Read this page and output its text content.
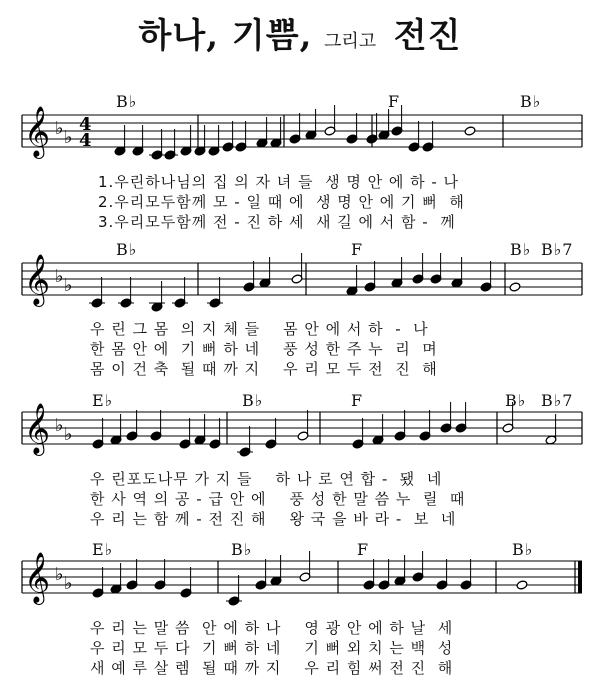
하나, 기쁨, 그리고 전진
𝄞 ♭ ♭
4
4
𝄞 ♭ ♭
𝄞 ♭ ♭
𝄞 ♭ ♭
B♭	F	B♭
B♭	F	B♭ B♭7
E♭	B♭	F	B♭ B♭7
E♭	B♭	F	B♭
1.우린하나님의 집 의 자 녀 들  생 명 안 에 하 - 나
2.우리모두함께 모 - 일 때 에  생 명 안 에 기 뻐  해
3.우리모두함께 전 - 진 하 세  새 길 에 서 함 -  께
우 린 그 몸  의 지 체 들    몸 안 에 서 하  -  나
한 몸 안 에  기 뻐 하 네    풍 성 한 주 누  리  며
몸 이 건 축  될 때 까 지    우 리 모 두 전  진  해
우 린포도나무 가 지 들    하 나 로 연 합 -  됐  네
한 사 역 의 공 - 급 안 에    풍 성 한 말 씀 누  릴  때
우 리 는 함 께 - 전 진 해    왕 국 을 바 라 -  보  네
우 리 는 말 씀  안 에 하 나    영 광 안 에 하 날  세
우 리 모 두 다  기 뻐 하 네    기 뻐 외 치 는 백  성
새 예 루 살 렘  될 때 까 지    우 리 힘 써 전 진  해
